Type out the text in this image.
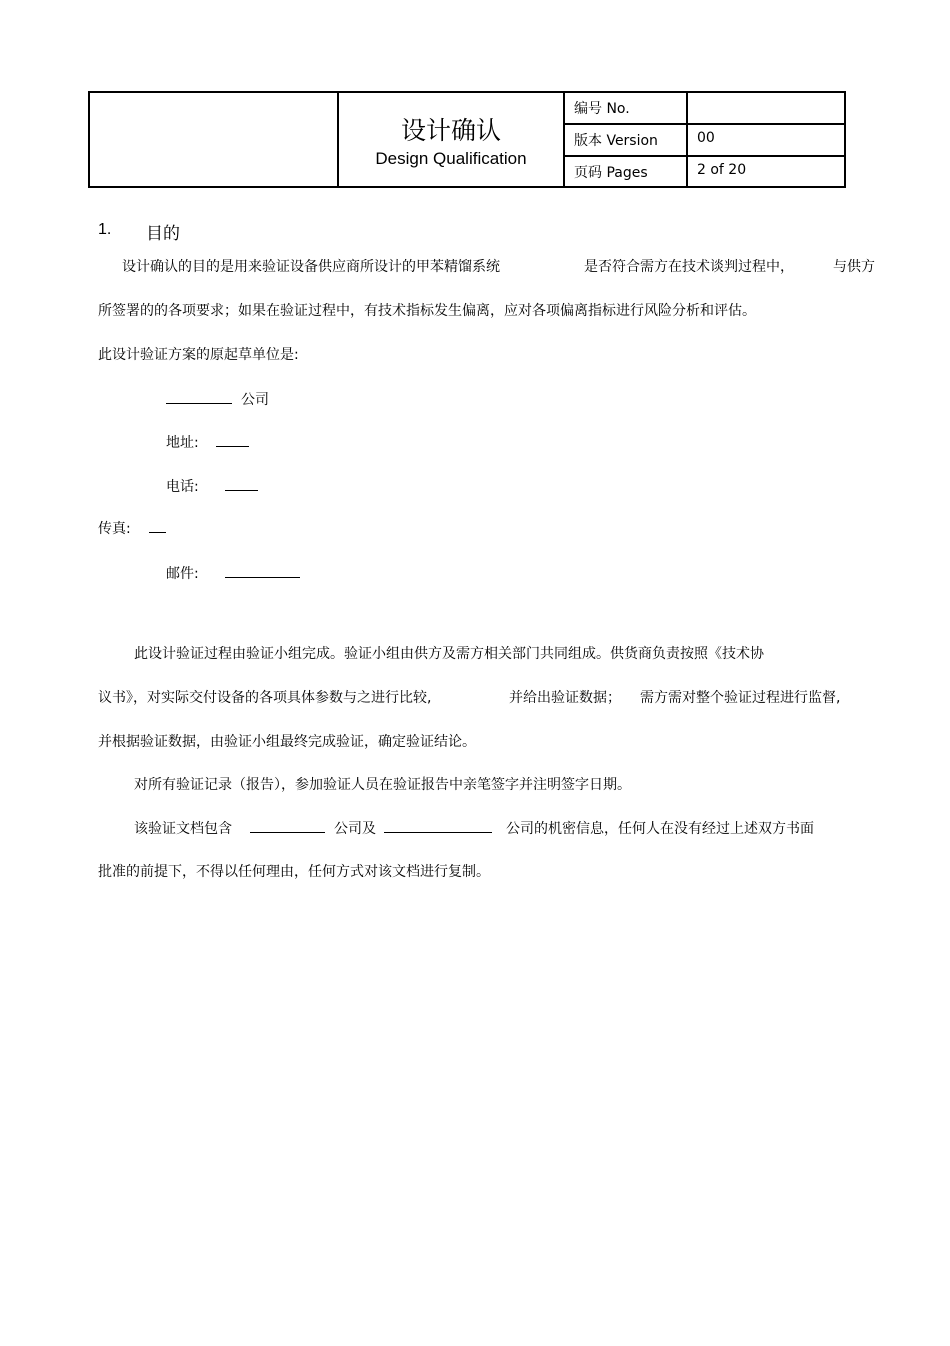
设计确认
Design Qualification
编号 No.
版本 Version	00
页码 Pages	2 of 20
1. 目的
设计确认的目的是用来验证设备供应商所设计的甲苯精馏系统	是否符合需方在技术谈判过程中，	与供方
所签署的的各项要求；如果在验证过程中，有技术指标发生偏离，应对各项偏离指标进行风险分析和评估。
此设计验证方案的原起草单位是:
公司
地址:
电话:
传真:
邮件:
此设计验证过程由验证小组完成。验证小组由供方及需方相关部门共同组成。供货商负责按照《技术协
议书》，对实际交付设备的各项具体参数与之进行比较,	并给出验证数据； 需方需对整个验证过程进行监督,
并根据验证数据，由验证小组最终完成验证，确定验证结论。
对所有验证记录（报告），参加验证人员在验证报告中亲笔签字并注明签字日期。
该验证文档包含	公司及	公司的机密信息，任何人在没有经过上述双方书面
批准的前提下，不得以任何理由，任何方式对该文档进行复制。
